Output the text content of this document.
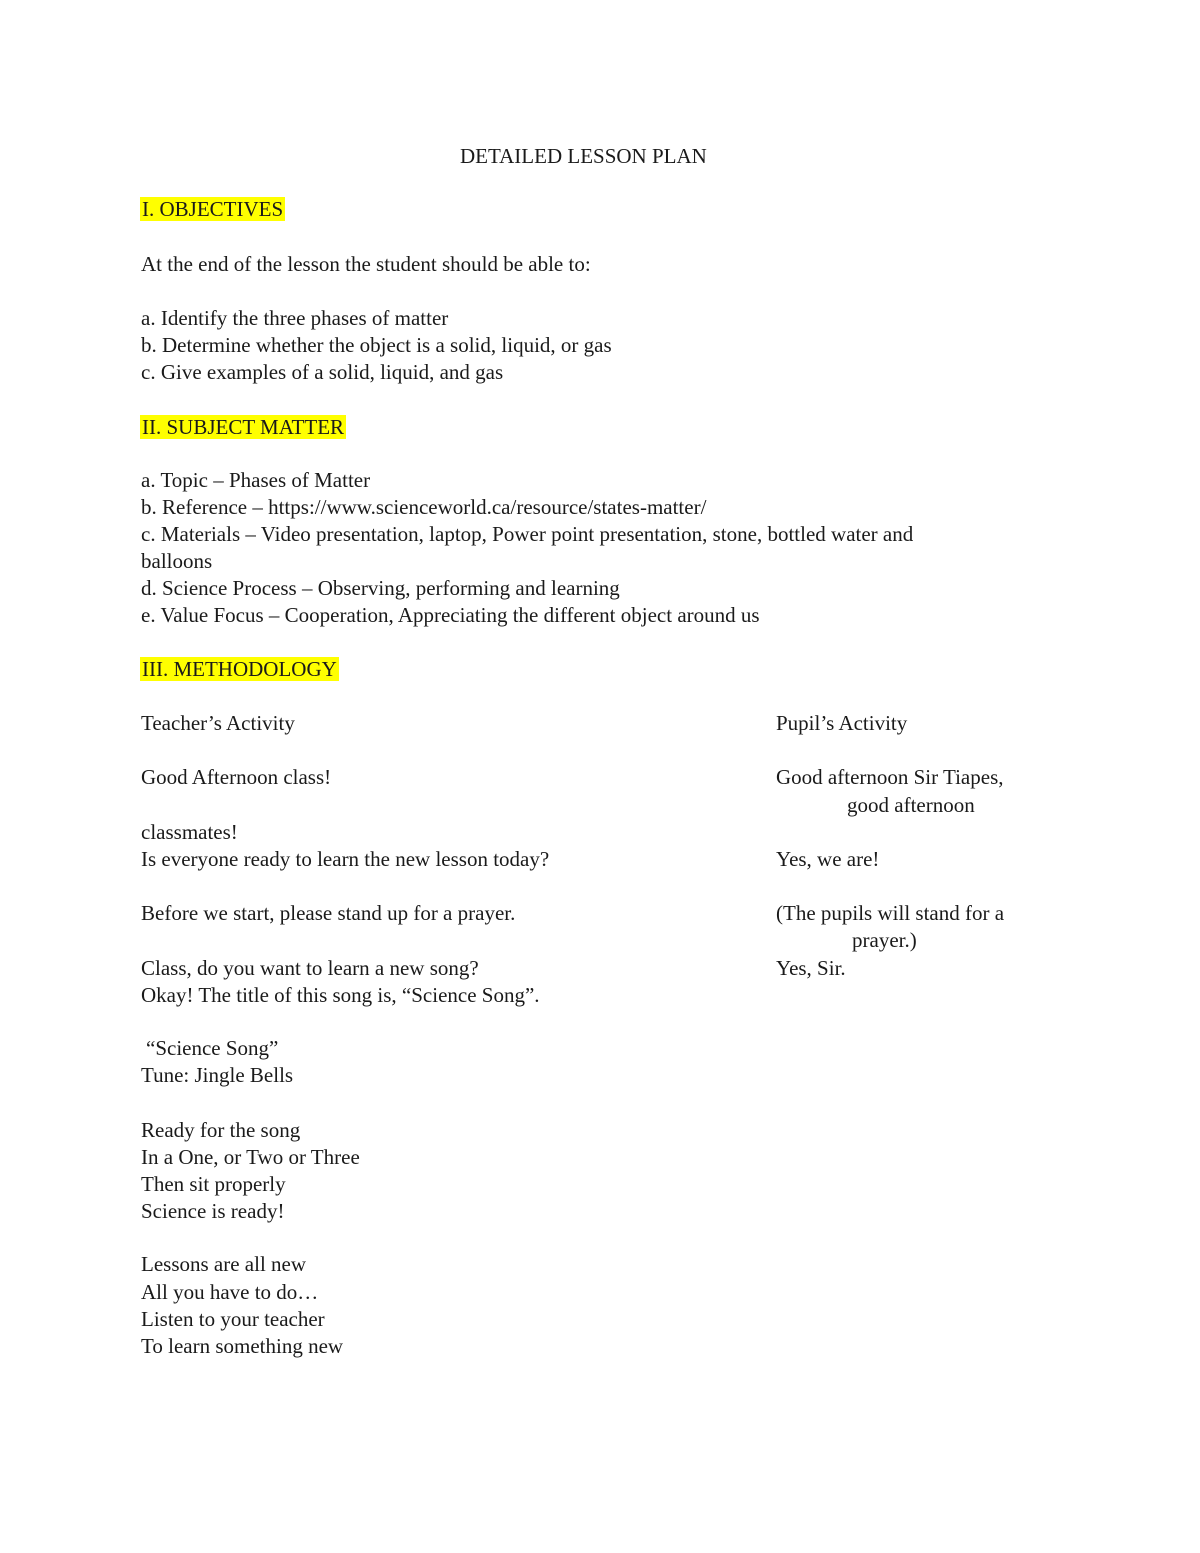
DETAILED LESSON PLAN
I. OBJECTIVES
At the end of the lesson the student should be able to:
a. Identify the three phases of matter
b. Determine whether the object is a solid, liquid, or gas
c. Give examples of a solid, liquid, and gas
II. SUBJECT MATTER
a. Topic – Phases of Matter
b. Reference – https://www.scienceworld.ca/resource/states-matter/
c. Materials – Video presentation, laptop, Power point presentation, stone, bottled water and
balloons
d. Science Process – Observing, performing and learning
e. Value Focus – Cooperation, Appreciating the different object around us
III. METHODOLOGY
Teacher’s Activity	Pupil’s Activity
Good Afternoon class!	Good afternoon Sir Tiapes,
good afternoon
classmates!
Is everyone ready to learn the new lesson today?	Yes, we are!
Before we start, please stand up for a prayer.	(The pupils will stand for a
prayer.)
Class, do you want to learn a new song?	Yes, Sir.
Okay! The title of this song is, “Science Song”.
“Science Song”
Tune: Jingle Bells
Ready for the song
In a One, or Two or Three
Then sit properly
Science is ready!
Lessons are all new
All you have to do…
Listen to your teacher
To learn something new
